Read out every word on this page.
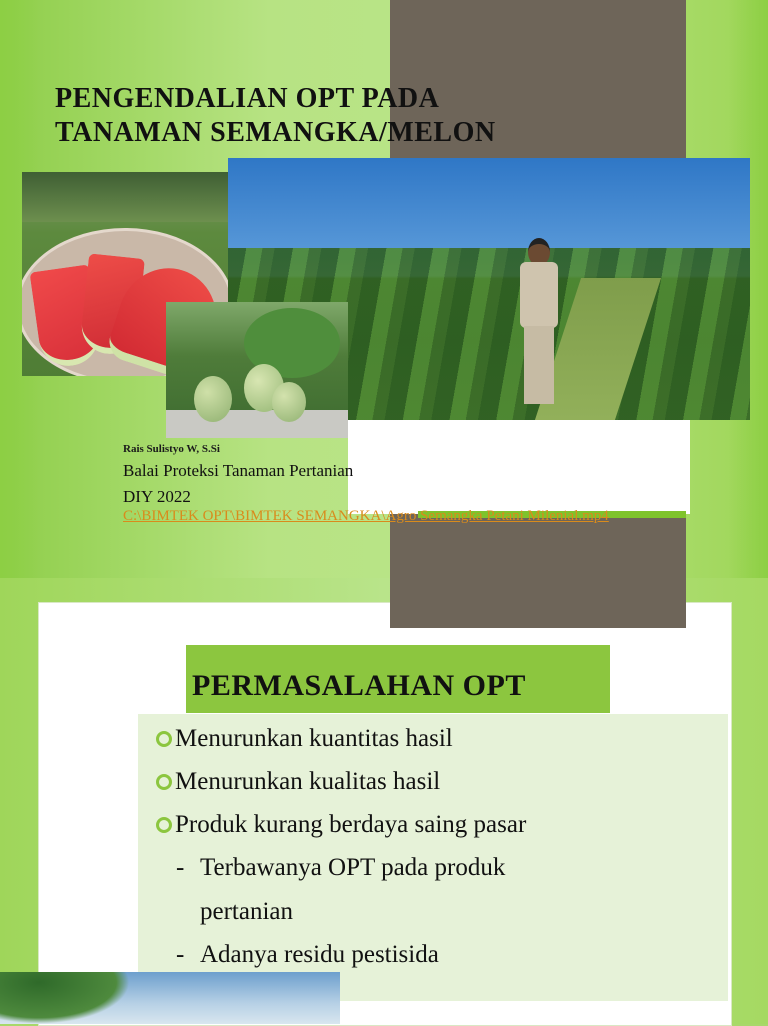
PENGENDALIAN OPT PADA
TANAMAN SEMANGKA/MELON

Rais Sulistyo W, S.Si

Balai Proteksi Tanaman Pertanian

DIY 2022

C:\BIMTEK OPT\BIMTEK SEMANGKA\Agro Semangka Petani Milenial.mp4

PERMASALAHAN OPT

Menurunkan kuantitas hasil
Menurunkan kualitas hasil
Produk kurang berdaya saing pasar

- Terbawanya OPT pada produk

pertanian

- Adanya residu pestisida
